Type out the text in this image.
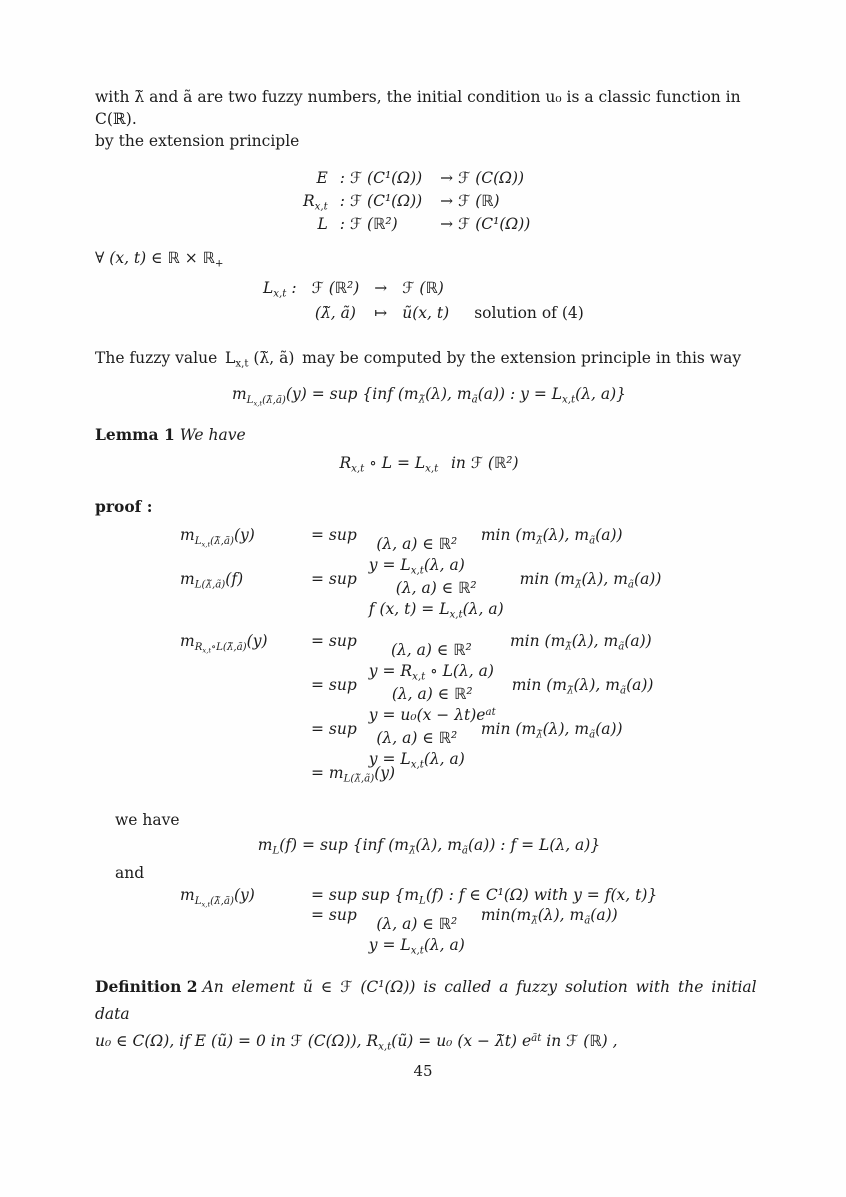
with λ̃ and ã are two fuzzy numbers, the initial condition u₀ is a classic function in C(ℝ).
by the extension principle

E : ℱ (C¹(Ω)) → ℱ (C(Ω))
$R_{x,t}$ : ℱ (C¹(Ω)) → ℱ (ℝ)
L : ℱ (ℝ²)	→ ℱ (C¹(Ω))
∀ (x, t) ∈ ℝ × ℝ$_+$
$L_{x,t}$ : ℱ (ℝ²) → ℱ (ℝ)
(λ̃, ã) ↦ ũ(x, t) solution of (4)

The fuzzy value $L_{x,t}$ (λ̃, ã) may be computed by the extension principle in this way

$m_{L_{x,t}(\lambdã,ã)}(y)$ = sup {inf ($m_{\lambdã}(\lambda)$, $m_ã(a)$) : $y = L_{x,t}(\lambda$, a)}

Lemma 1 We have

$R_{x,t}$ ∘ $L = L_{x,t}$  in ℱ (ℝ²)

proof :

$m_{L_{x,t}(\lambdã,ã)}(y)$	= sup (λ, a) ∈ ℝ²
$y = L_{x,t}(\lambda$, a)
$\min (m_{\lambdã}(\lambda)$, $m_ã(a)$)
$m_{L(\lambdã,ã)}(f)$	= sup	(λ, a) ∈ ℝ²
f (x, $t) = L_{x,t}(\lambda$, a)
$\min (m_{\lambdã}(\lambda)$, $m_ã(a)$)
$m_{R_{x,t}\circ L(\lambdã,ã)}(y)$	= sup (λ, a) ∈ ℝ²
$y = R_{x,t}$ ∘ L(λ, a)
$\min (m_{\lambdã}(\lambda)$, $m_ã(a)$)
= sup (λ, a) ∈ ℝ²
$y = u_0(x - \lambda t)e^{at}$
$\min (m_{\lambdã}(\lambda)$, $m_ã(a)$)
= sup (λ, a) ∈ ℝ²
$y = L_{x,t}(\lambda$, a)
$\min (m_{\lambdã}(\lambda)$, $m_ã(a)$)
= $m_{L(\lambdã,ã)}(y)$

we have

$m_L(f)$ = sup {inf ($m_{\lambdã}(\lambda)$, $m_ã(a)$) : f = L(λ, a)}

and

$m_{L_{x,t}(\lambdã,ã)}(y)$	= sup sup {$m_L(f)$ : f ∈ C¹(Ω) with y = f(x, t)}
= sup (λ, a) ∈ ℝ²
$y = L_{x,t}(\lambda$, a)
$\min(m_{\lambdã}(\lambda)$, $m_ã(a)$)

Definition 2 An element ũ ∈ ℱ (C¹(Ω)) is called a fuzzy solution with the initial data
u₀ ∈ C(Ω), if E (ũ) = 0 in ℱ (C(Ω)), $R_{x,t}(ũ) = u_0$ (x − λ̃t) $e^{ãt}$ in ℱ (ℝ) ,

45
